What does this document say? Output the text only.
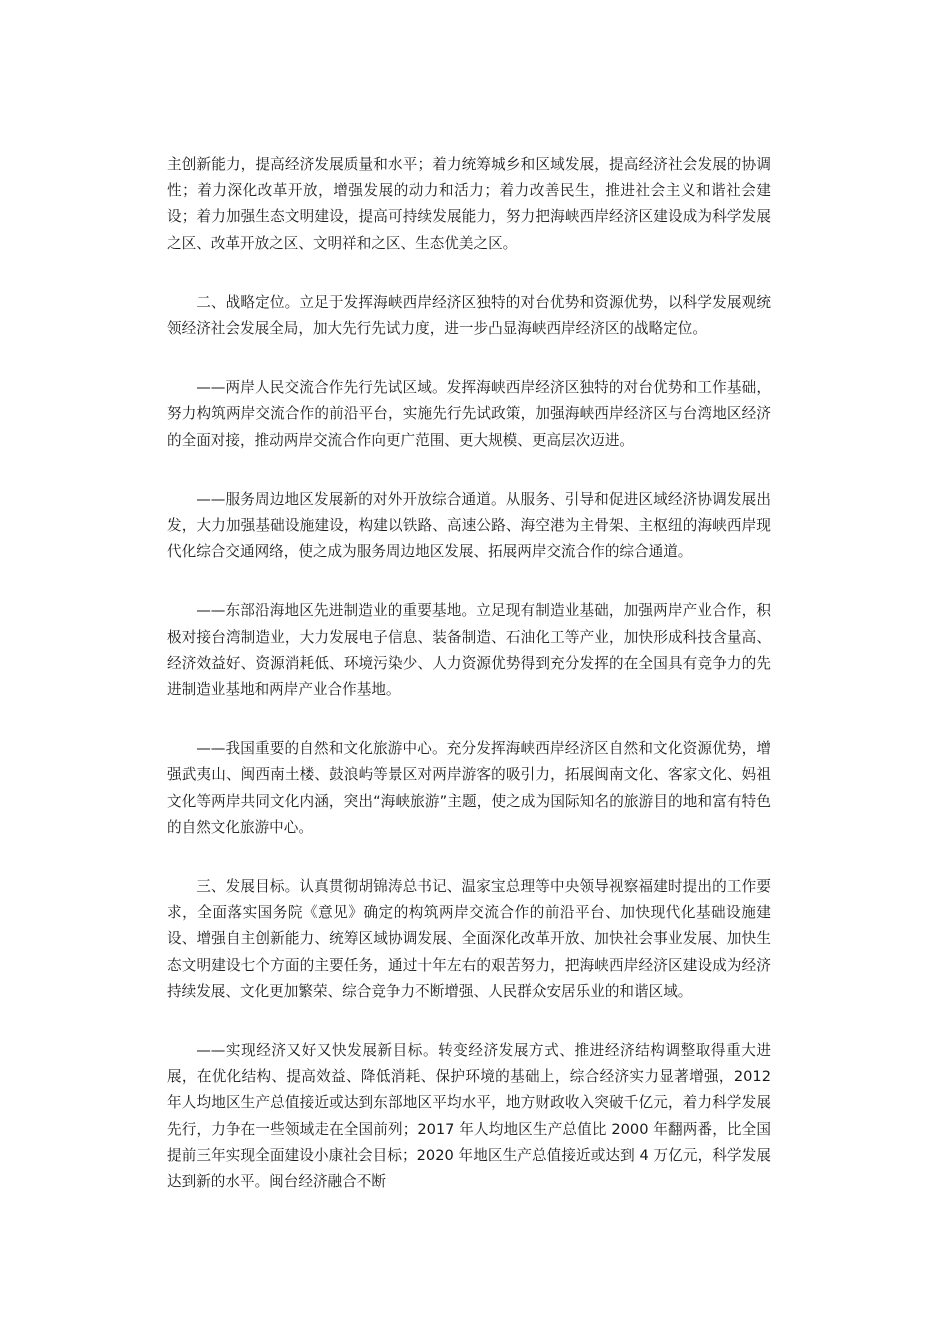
主创新能力，提高经济发展质量和水平；着力统筹城乡和区域发展，提高经济社会发展的协调性；着力深化改革开放，增强发展的动力和活力；着力改善民生，推进社会主义和谐社会建设；着力加强生态文明建设，提高可持续发展能力，努力把海峡西岸经济区建设成为科学发展之区、改革开放之区、文明祥和之区、生态优美之区。

二、战略定位。立足于发挥海峡西岸经济区独特的对台优势和资源优势，以科学发展观统领经济社会发展全局，加大先行先试力度，进一步凸显海峡西岸经济区的战略定位。

——两岸人民交流合作先行先试区域。发挥海峡西岸经济区独特的对台优势和工作基础，努力构筑两岸交流合作的前沿平台，实施先行先试政策，加强海峡西岸经济区与台湾地区经济的全面对接，推动两岸交流合作向更广范围、更大规模、更高层次迈进。

——服务周边地区发展新的对外开放综合通道。从服务、引导和促进区域经济协调发展出发，大力加强基础设施建设，构建以铁路、高速公路、海空港为主骨架、主枢纽的海峡西岸现代化综合交通网络，使之成为服务周边地区发展、拓展两岸交流合作的综合通道。

——东部沿海地区先进制造业的重要基地。立足现有制造业基础，加强两岸产业合作，积极对接台湾制造业，大力发展电子信息、装备制造、石油化工等产业，加快形成科技含量高、经济效益好、资源消耗低、环境污染少、人力资源优势得到充分发挥的在全国具有竞争力的先进制造业基地和两岸产业合作基地。

——我国重要的自然和文化旅游中心。充分发挥海峡西岸经济区自然和文化资源优势，增强武夷山、闽西南土楼、鼓浪屿等景区对两岸游客的吸引力，拓展闽南文化、客家文化、妈祖文化等两岸共同文化内涵，突出“海峡旅游”主题，使之成为国际知名的旅游目的地和富有特色的自然文化旅游中心。

三、发展目标。认真贯彻胡锦涛总书记、温家宝总理等中央领导视察福建时提出的工作要求，全面落实国务院《意见》确定的构筑两岸交流合作的前沿平台、加快现代化基础设施建设、增强自主创新能力、统筹区域协调发展、全面深化改革开放、加快社会事业发展、加快生态文明建设七个方面的主要任务，通过十年左右的艰苦努力，把海峡西岸经济区建设成为经济持续发展、文化更加繁荣、综合竞争力不断增强、人民群众安居乐业的和谐区域。

——实现经济又好又快发展新目标。转变经济发展方式、推进经济结构调整取得重大进展，在优化结构、提高效益、降低消耗、保护环境的基础上，综合经济实力显著增强，2012 年人均地区生产总值接近或达到东部地区平均水平，地方财政收入突破千亿元，着力科学发展先行，力争在一些领域走在全国前列；2017 年人均地区生产总值比 2000 年翻两番，比全国提前三年实现全面建设小康社会目标；2020 年地区生产总值接近或达到 4 万亿元，科学发展达到新的水平。闽台经济融合不断
